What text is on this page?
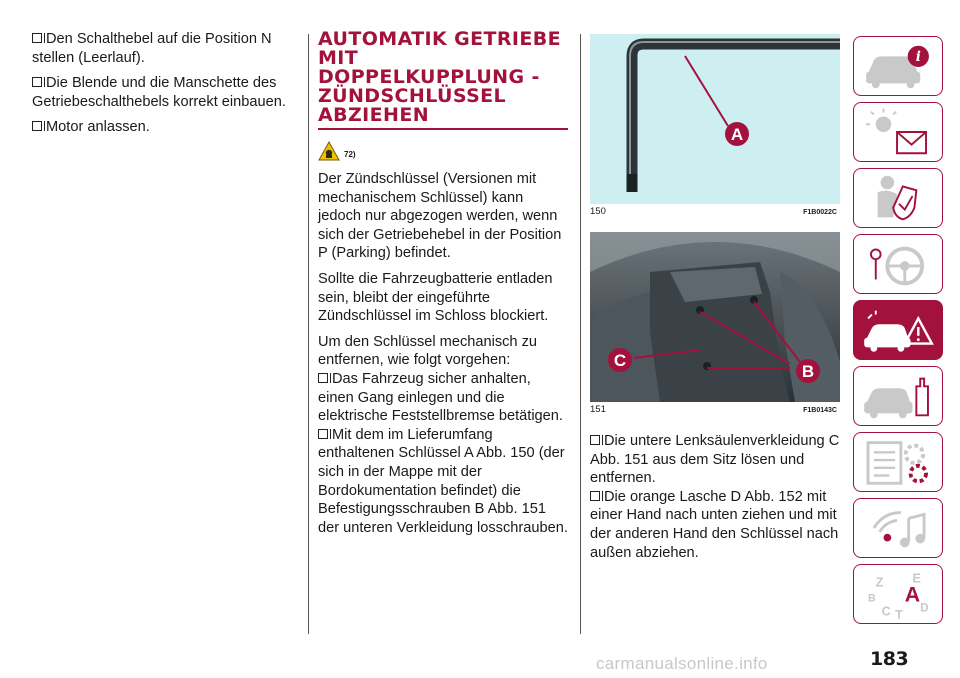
Den Schalthebel auf die Position N stellen (Leerlauf).

Die Blende und die Manschette des Getriebeschalthebels korrekt einbauen.

Motor anlassen.

AUTOMATIK GETRIEBE MIT DOPPELKUPPLUNG - ZÜNDSCHLÜSSEL ABZIEHEN
72)

Der Zündschlüssel (Versionen mit mechanischem Schlüssel) kann jedoch nur abgezogen werden, wenn sich der Getriebehebel in der Position P (Parking) befindet.

Sollte die Fahrzeugbatterie entladen sein, bleibt der eingeführte Zündschlüssel im Schloss blockiert.

Um den Schlüssel mechanisch zu entfernen, wie folgt vorgehen:

Das Fahrzeug sicher anhalten, einen Gang einlegen und die elektrische Feststellbremse betätigen.

Mit dem im Lieferumfang enthaltenen Schlüssel A Abb. 150 (der sich in der Mappe mit der Bordokumentation befindet) die Befestigungsschrauben B Abb. 151 der unteren Verkleidung losschrauben.

A
150	F1B0022C
C
B
151	F1B0143C

Die untere Lenksäulenverkleidung C Abb. 151 aus dem Sitz lösen und entfernen.

Die orange Lasche D Abb. 152 mit einer Hand nach unten ziehen und mit der anderen Hand den Schlüssel nach außen abziehen.

i
Z E
B A
C T
D
183
carmanualsonline.info
